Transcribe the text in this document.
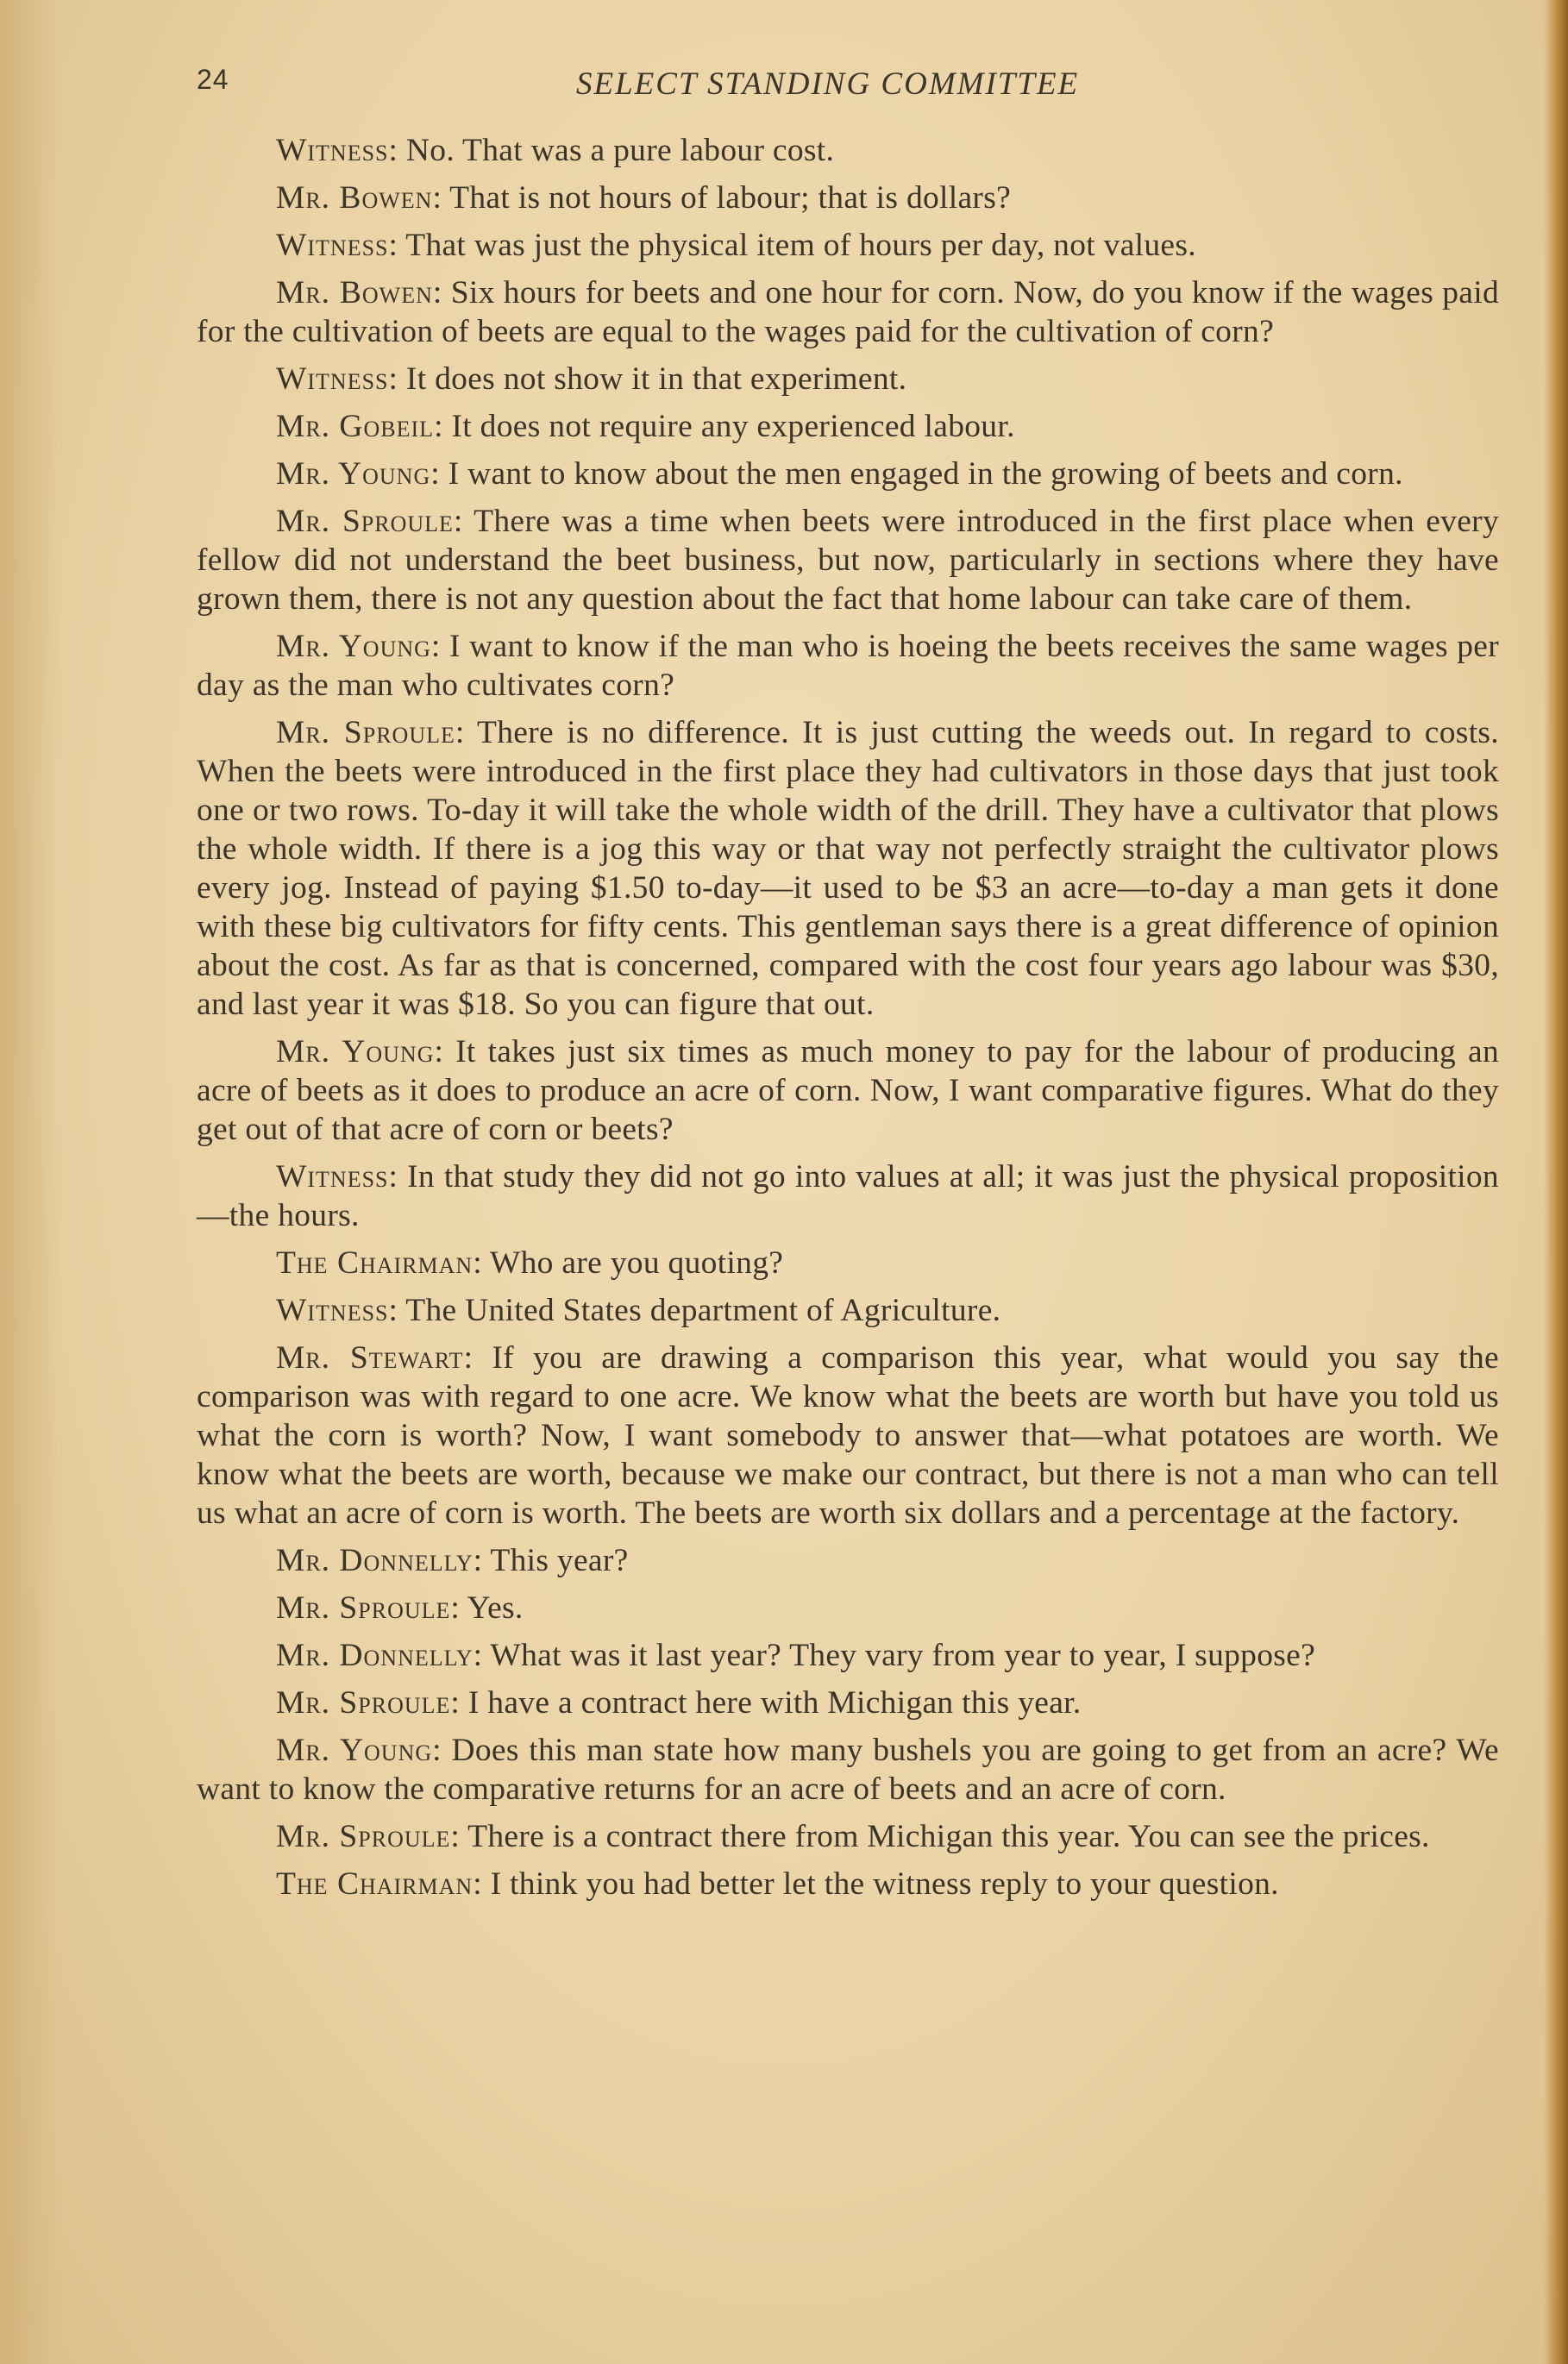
24	SELECT STANDING COMMITTEE

Witness: No. That was a pure labour cost.

Mr. Bowen: That is not hours of labour; that is dollars?

Witness: That was just the physical item of hours per day, not values.

Mr. Bowen: Six hours for beets and one hour for corn. Now, do you know if the wages paid for the cultivation of beets are equal to the wages paid for the cultivation of corn?

Witness: It does not show it in that experiment.

Mr. Gobeil: It does not require any experienced labour.

Mr. Young: I want to know about the men engaged in the growing of beets and corn.

Mr. Sproule: There was a time when beets were introduced in the first place when every fellow did not understand the beet business, but now, particularly in sections where they have grown them, there is not any question about the fact that home labour can take care of them.

Mr. Young: I want to know if the man who is hoeing the beets receives the same wages per day as the man who cultivates corn?

Mr. Sproule: There is no difference. It is just cutting the weeds out. In regard to costs. When the beets were introduced in the first place they had cultivators in those days that just took one or two rows. To-day it will take the whole width of the drill. They have a cultivator that plows the whole width. If there is a jog this way or that way not perfectly straight the cultivator plows every jog. Instead of paying $1.50 to-day—it used to be $3 an acre—to-day a man gets it done with these big cultivators for fifty cents. This gentleman says there is a great difference of opinion about the cost. As far as that is concerned, compared with the cost four years ago labour was $30, and last year it was $18. So you can figure that out.

Mr. Young: It takes just six times as much money to pay for the labour of producing an acre of beets as it does to produce an acre of corn. Now, I want comparative figures. What do they get out of that acre of corn or beets?

Witness: In that study they did not go into values at all; it was just the physical proposition—the hours.

The Chairman: Who are you quoting?

Witness: The United States department of Agriculture.

Mr. Stewart: If you are drawing a comparison this year, what would you say the comparison was with regard to one acre. We know what the beets are worth but have you told us what the corn is worth? Now, I want somebody to answer that—what potatoes are worth. We know what the beets are worth, because we make our contract, but there is not a man who can tell us what an acre of corn is worth. The beets are worth six dollars and a percentage at the factory.

Mr. Donnelly: This year?

Mr. Sproule: Yes.

Mr. Donnelly: What was it last year? They vary from year to year, I suppose?

Mr. Sproule: I have a contract here with Michigan this year.

Mr. Young: Does this man state how many bushels you are going to get from an acre? We want to know the comparative returns for an acre of beets and an acre of corn.

Mr. Sproule: There is a contract there from Michigan this year. You can see the prices.

The Chairman: I think you had better let the witness reply to your question.
